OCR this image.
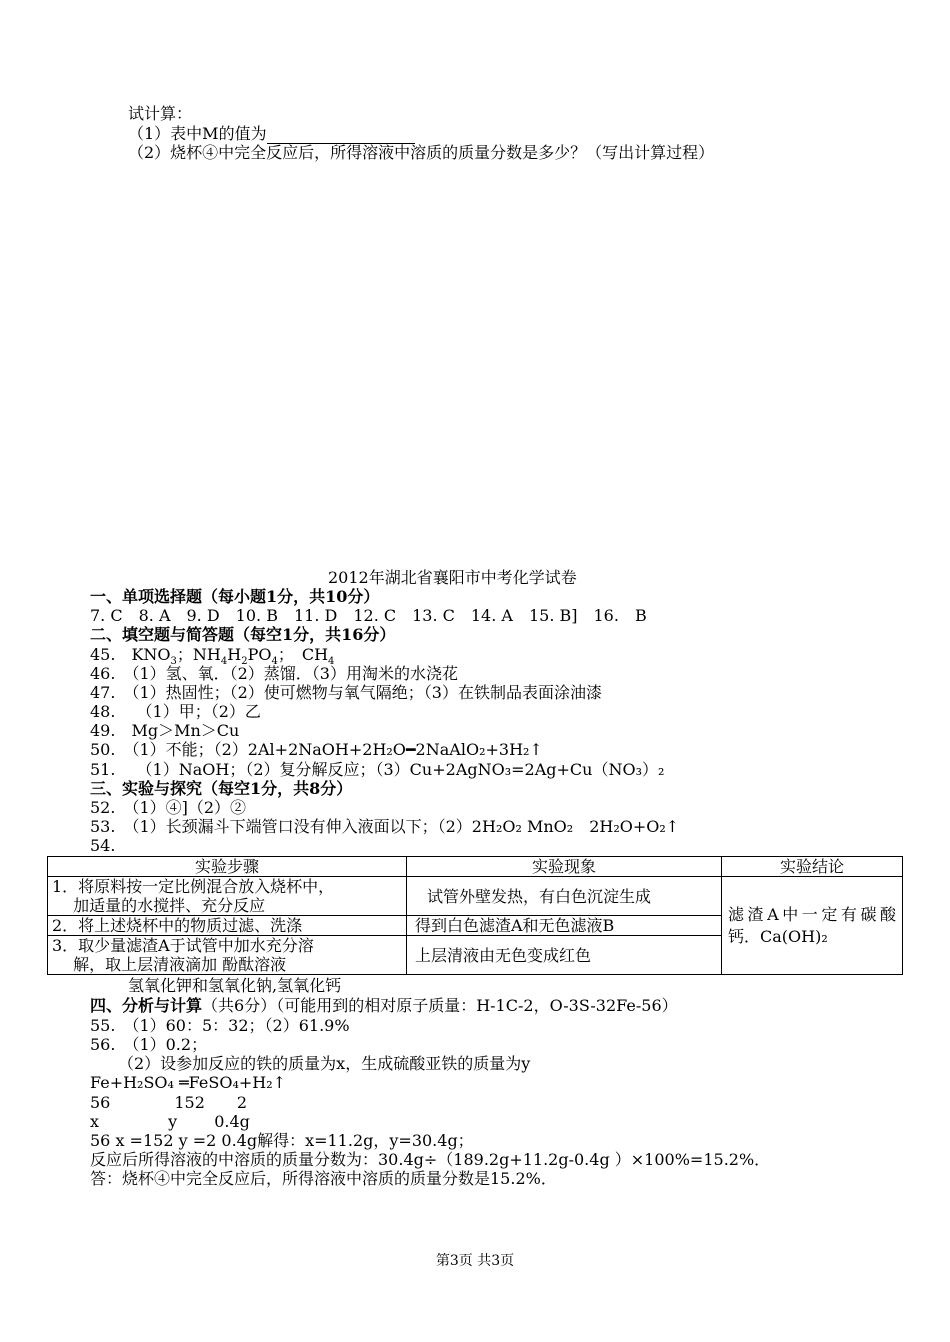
试计算：
（1）表中M的值为
（2）烧杯④中完全反应后，所得溶液中溶质的质量分数是多少？（写出计算过程）
2012年湖北省襄阳市中考化学试卷
一、单项选择题（每小题1分，共10分）
7. C　8. A　9. D　10. B　11. D　12. C　13. C　14. A　15. B]　16.　B
二、填空题与简答题（每空1分，共16分）
45.　$KNO_3$；$NH_4H_2PO_4$；　$CH_4$
46.　（1）氢、氧．（2）蒸馏．（3）用淘米的水浇花
47.　（1）热固性；（2）使可燃物与氧气隔绝；（3）在铁制品表面涂油漆
48.　 （1）甲；（2）乙
49.　Mg＞Mn＞Cu
50.　（1）不能；（2）2Al+2NaOH+2H₂O━2NaAlO₂+3H₂↑
51.　 （1）NaOH；（2）复分解反应；（3）Cu+2AgNO₃=2Ag+Cu（NO₃）₂
三、实验与探究（每空1分，共8分）
52.　（1）④]（2）②
53.　（1）长颈漏斗下端管口没有伸入液面以下；（2）2H₂O₂ MnO₂　2H₂O+O₂↑
54.
实验步骤	实验现象	实验结论
1．将原料按一定比例混合放入烧杯中，
　 加适量的水搅拌、充分反应	试管外壁发热，有白色沉淀生成	滤渣A中一定有碳酸钙．Ca(OH)₂
2．将上述烧杯中的物质过滤、洗涤	得到白色滤渣A和无色滤液B	
3．取少量滤渣A于试管中加水充分溶
　 解，取上层清液滴加 酚酞溶液	上层清液由无色变成红色	
氢氧化钾和氢氧化钠,氢氧化钙
四、分析与计算（共6分）（可能用到的相对原子质量：H-1C-2，O-3S-32Fe-56）
55.　（1）60：5：32；（2）61.9%
56.　（1）0.2；
（2）设参加反应的铁的质量为x，生成硫酸亚铁的质量为y
Fe+H₂SO₄ ═FeSO₄+H₂↑
56　　　　152　　2
x　　　　 y　　 0.4g
56 x =152 y =2 0.4g解得：x=11.2g，y=30.4g；
反应后所得溶液的中溶质的质量分数为：30.4g÷（189.2g+11.2g-0.4g ）×100%=15.2%．
答：烧杯④中完全反应后，所得溶液中溶质的质量分数是15.2%．
第3页 共3页
